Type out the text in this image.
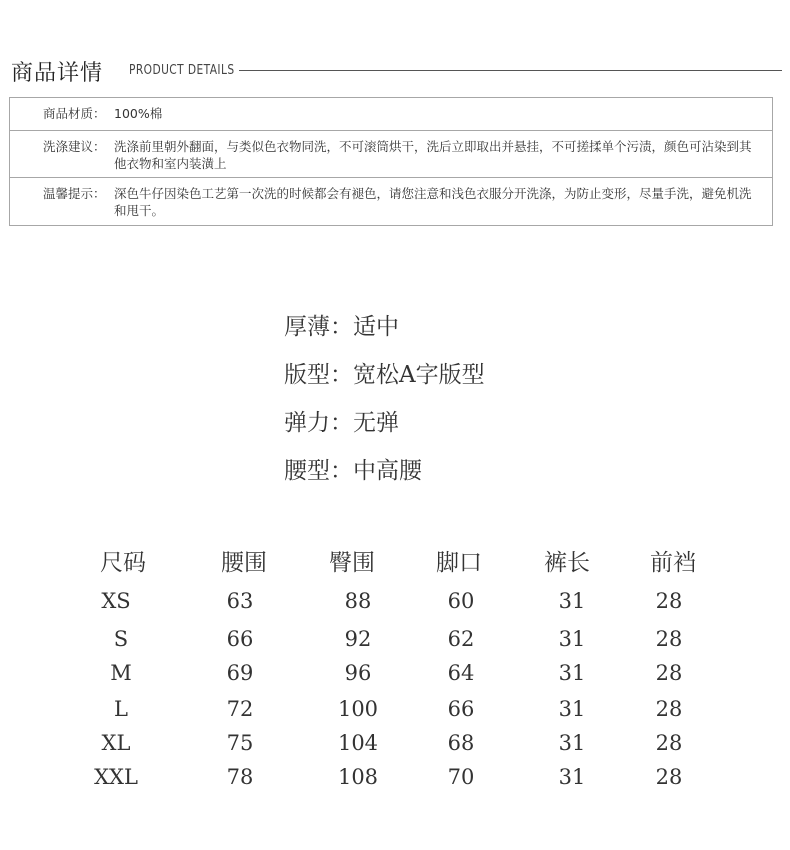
商品详情 PRODUCT DETAILS
商品材质： 100%棉
洗涤建议： 洗涤前里朝外翻面，与类似色衣物同洗，不可滚筒烘干，洗后立即取出并悬挂，不可搓揉单个污渍，颜色可沾染到其他衣物和室内装潢上
温馨提示： 深色牛仔因染色工艺第一次洗的时候都会有褪色，请您注意和浅色衣服分开洗涤，为防止变形，尽量手洗，避免机洗和甩干。
厚薄：适中
版型：宽松A字版型
弹力：无弹
腰型：中高腰
尺码	腰围	臀围	脚口	裤长	前裆
XS	63	88	60	31	28
S	66	92	62	31	28
M	69	96	64	31	28
L	72	100	66	31	28
XL	75	104	68	31	28
XXL	78	108	70	31	28
